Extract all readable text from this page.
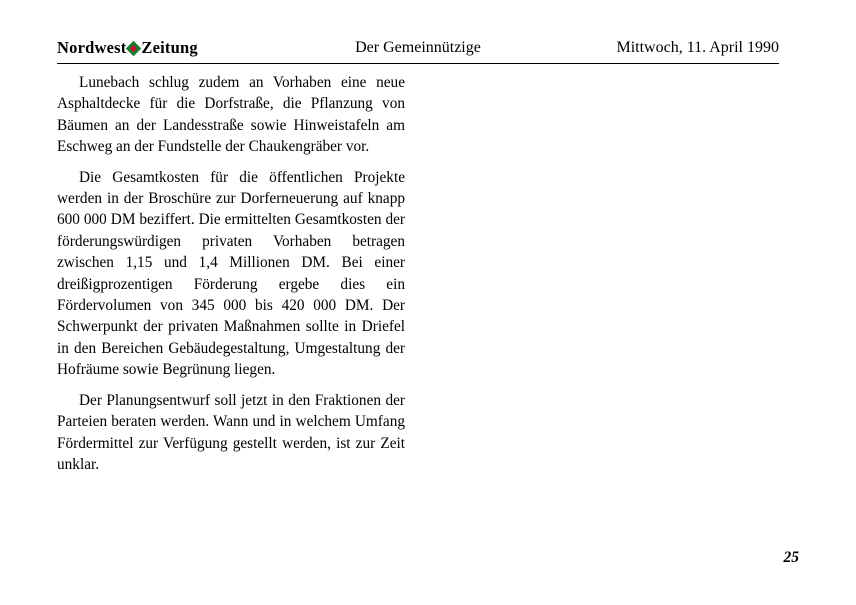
Nordwest Zeitung	Der Gemeinnützige	Mittwoch, 11. April 1990

Lunebach schlug zudem an Vorhaben eine neue Asphaltdecke für die Dorfstraße, die Pflanzung von Bäumen an der Landesstraße sowie Hinweistafeln am Eschweg an der Fundstelle der Chaukengräber vor.

Die Gesamtkosten für die öffentlichen Projekte werden in der Broschüre zur Dorferneuerung auf knapp 600 000 DM beziffert. Die ermittelten Gesamtkosten der förderungswürdigen privaten Vorhaben betragen zwischen 1,15 und 1,4 Millionen DM. Bei einer dreißigprozentigen Förderung ergebe dies ein Fördervolumen von 345 000 bis 420 000 DM. Der Schwerpunkt der privaten Maßnahmen sollte in Driefel in den Bereichen Gebäudegestaltung, Umgestaltung der Hofräume sowie Begrünung liegen.

Der Planungsentwurf soll jetzt in den Fraktionen der Parteien beraten werden. Wann und in welchem Umfang Fördermittel zur Verfügung gestellt werden, ist zur Zeit unklar.

25
